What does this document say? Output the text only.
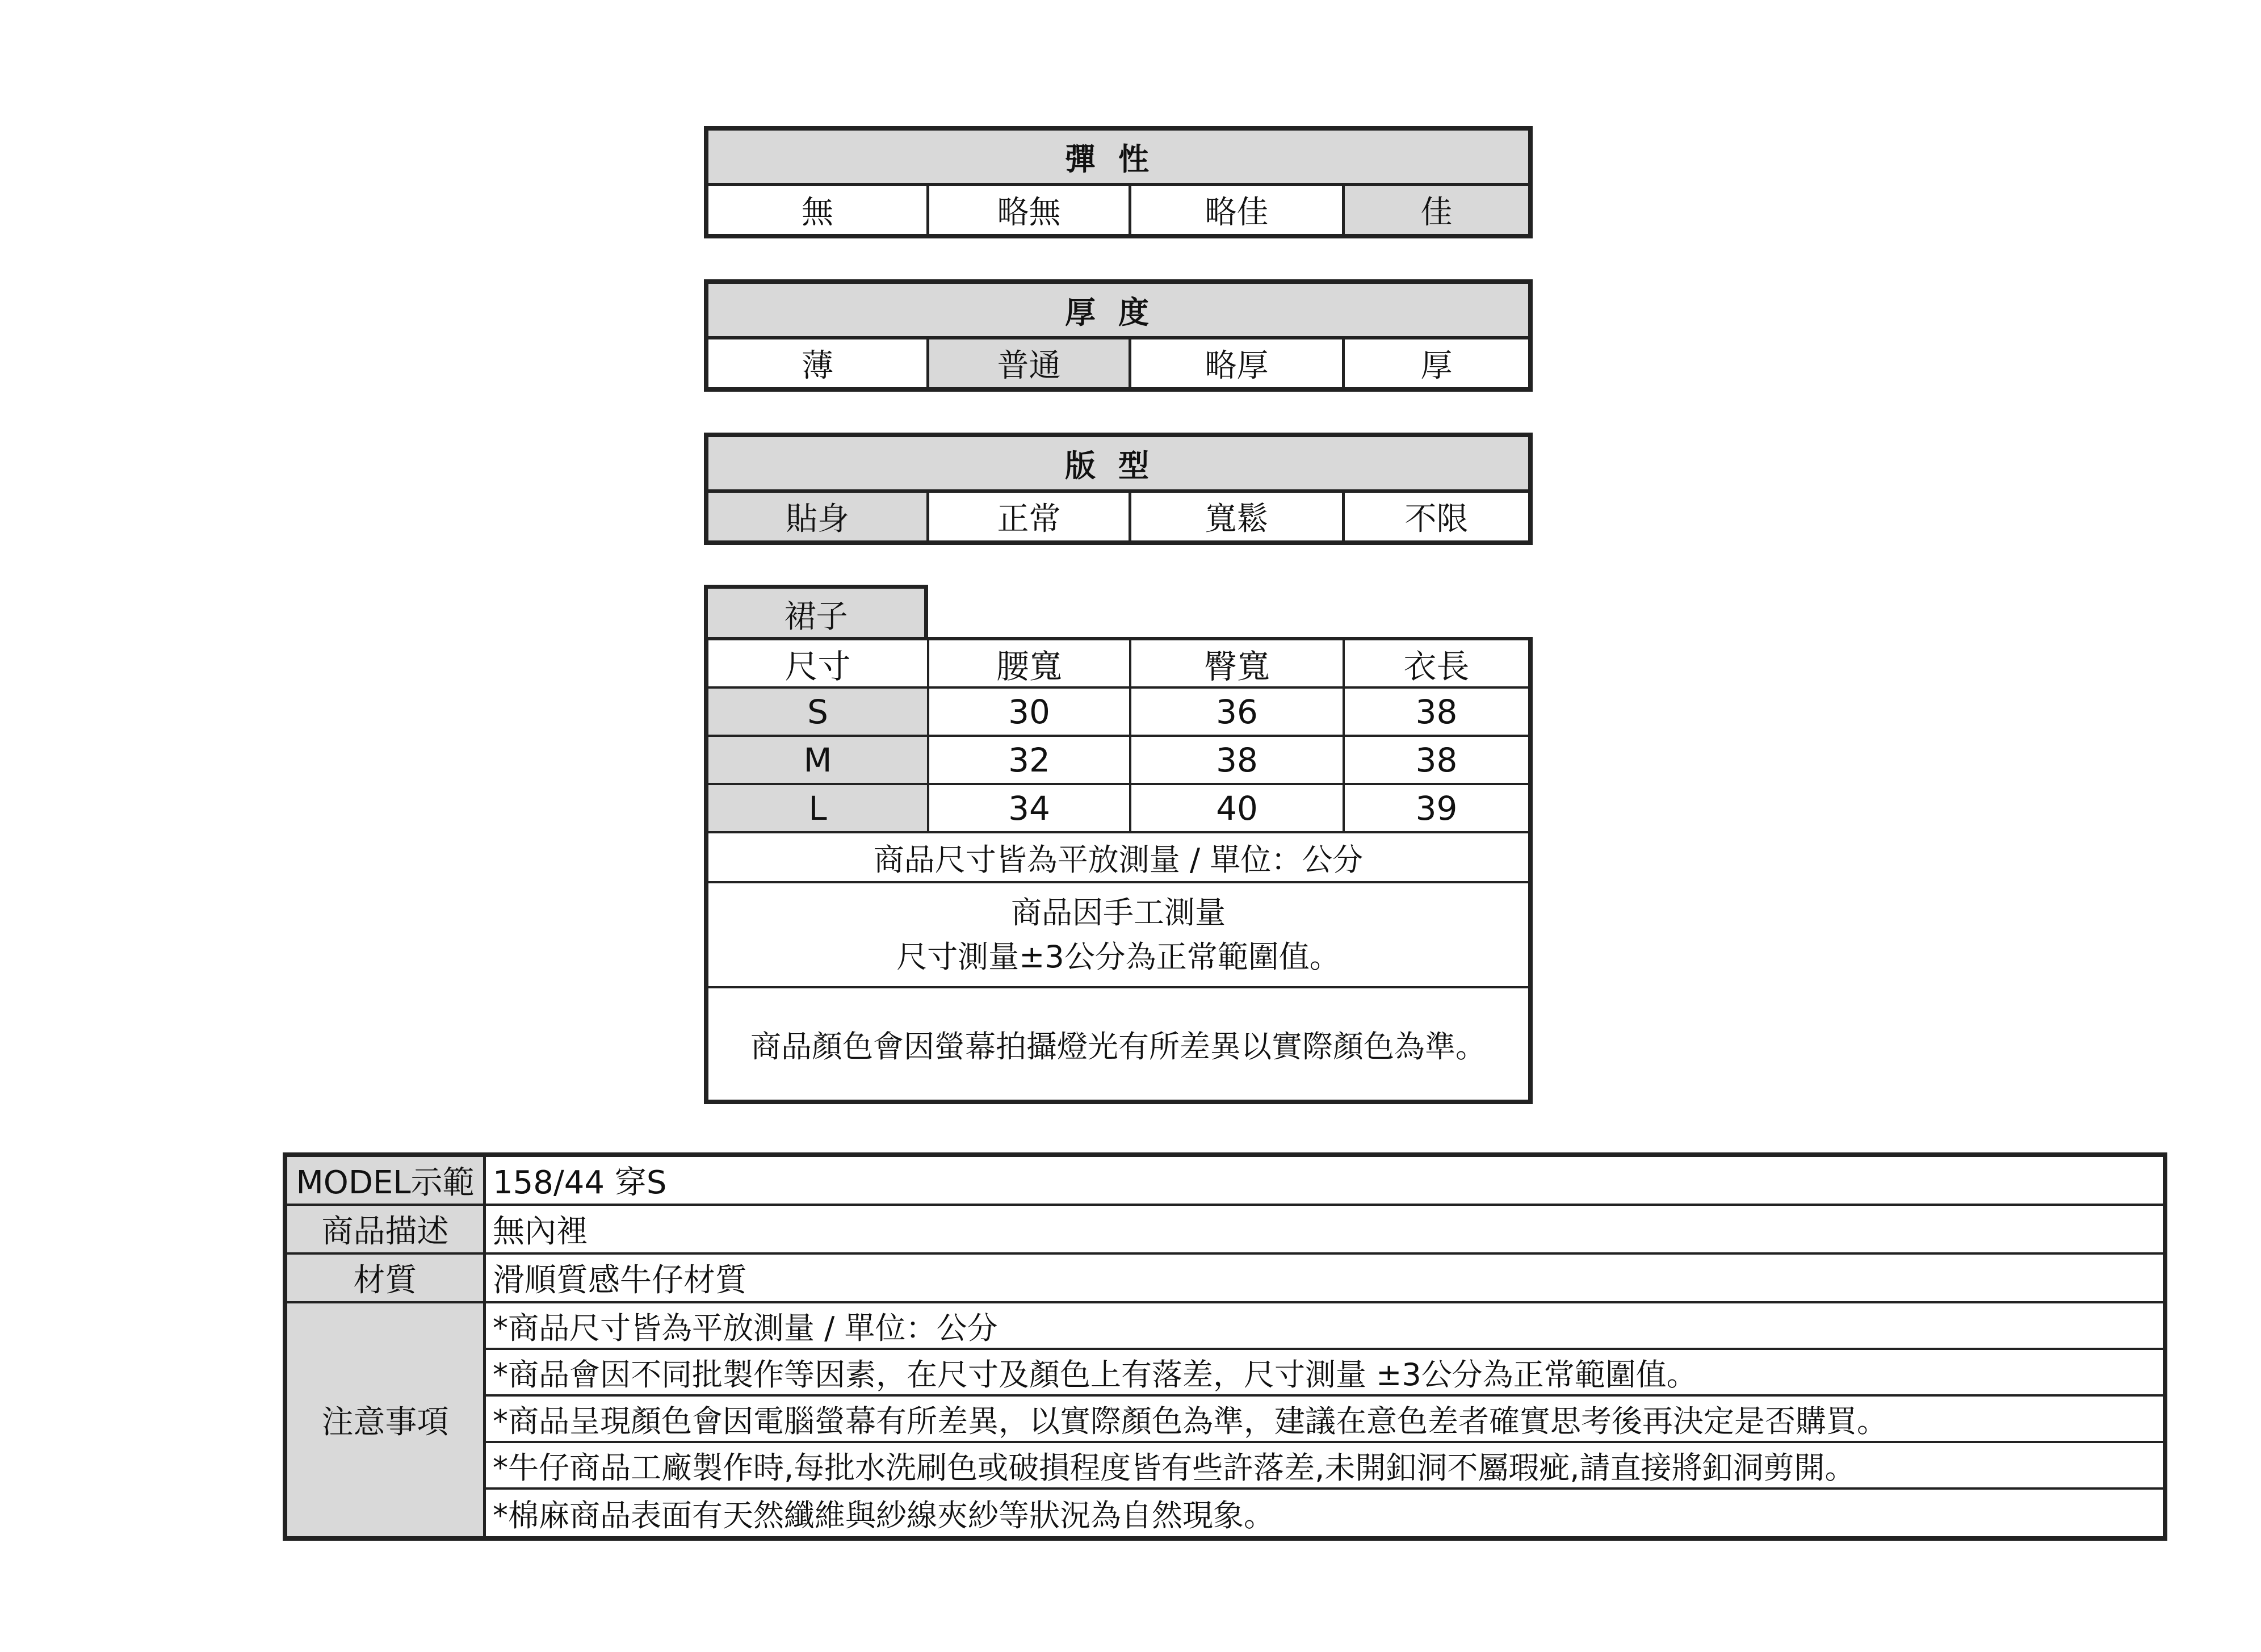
彈性
無	略無	略佳	佳
厚度
薄	普通	略厚	厚
版型
貼身	正常	寬鬆	不限
裙子
尺寸	腰寬	臀寬	衣長
S	30	36	38
M	32	38	38
L	34	40	39
商品尺寸皆為平放測量 / 單位：公分
商品因手工測量
尺寸測量±3公分為正常範圍值。
商品顏色會因螢幕拍攝燈光有所差異以實際顏色為準。
MODEL示範 158/44 穿S
商品描述	無內裡
材質	滑順質感牛仔材質
注意事項
*商品尺寸皆為平放測量 / 單位：公分
*商品會因不同批製作等因素，在尺寸及顏色上有落差，尺寸測量 ±3公分為正常範圍值。
*商品呈現顏色會因電腦螢幕有所差異，以實際顏色為準，建議在意色差者確實思考後再決定是否購買。
*牛仔商品工廠製作時,每批水洗刷色或破損程度皆有些許落差,未開釦洞不屬瑕疵,請直接將釦洞剪開。
*棉麻商品表面有天然纖維與紗線夾紗等狀況為自然現象。
